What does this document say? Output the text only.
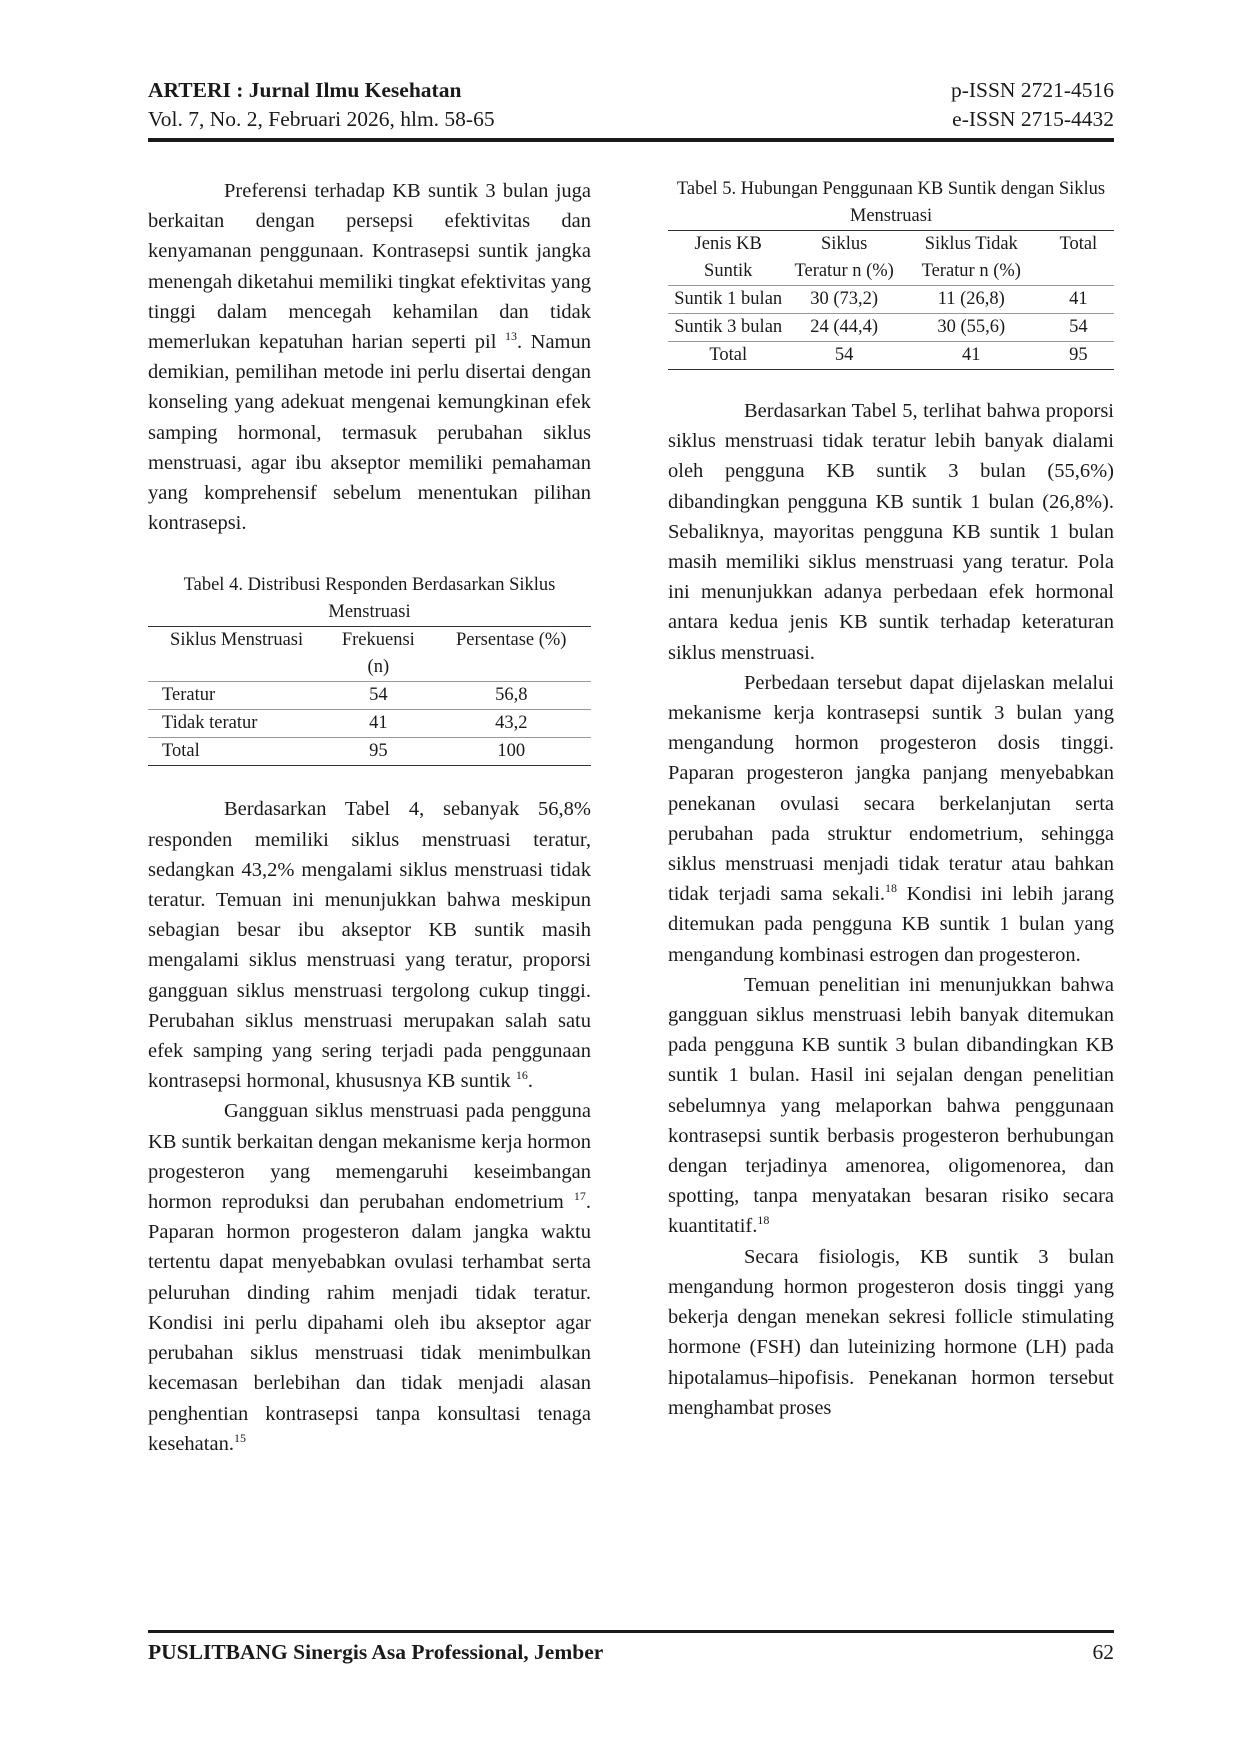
ARTERI : Jurnal Ilmu Kesehatan
Vol. 7, No. 2, Februari 2026, hlm. 58-65
p-ISSN 2721-4516
e-ISSN 2715-4432

Preferensi terhadap KB suntik 3 bulan juga berkaitan dengan persepsi efektivitas dan kenyamanan penggunaan. Kontrasepsi suntik jangka menengah diketahui memiliki tingkat efektivitas yang tinggi dalam mencegah kehamilan dan tidak memerlukan kepatuhan harian seperti pil $^{13}$. Namun demikian, pemilihan metode ini perlu disertai dengan konseling yang adekuat mengenai kemungkinan efek samping hormonal, termasuk perubahan siklus menstruasi, agar ibu akseptor memiliki pemahaman yang komprehensif sebelum menentukan pilihan kontrasepsi.

Tabel 4. Distribusi Responden Berdasarkan Siklus Menstruasi
Siklus Menstruasi	Frekuensi (n)	Persentase (%)
Teratur	54	56,8
Tidak teratur	41	43,2
Total	95	100

Berdasarkan Tabel 4, sebanyak 56,8% responden memiliki siklus menstruasi teratur, sedangkan 43,2% mengalami siklus menstruasi tidak teratur. Temuan ini menunjukkan bahwa meskipun sebagian besar ibu akseptor KB suntik masih mengalami siklus menstruasi yang teratur, proporsi gangguan siklus menstruasi tergolong cukup tinggi. Perubahan siklus menstruasi merupakan salah satu efek samping yang sering terjadi pada penggunaan kontrasepsi hormonal, khususnya KB suntik $^{16}$.

Gangguan siklus menstruasi pada pengguna KB suntik berkaitan dengan mekanisme kerja hormon progesteron yang memengaruhi keseimbangan hormon reproduksi dan perubahan endometrium $^{17}$. Paparan hormon progesteron dalam jangka waktu tertentu dapat menyebabkan ovulasi terhambat serta peluruhan dinding rahim menjadi tidak teratur. Kondisi ini perlu dipahami oleh ibu akseptor agar perubahan siklus menstruasi tidak menimbulkan kecemasan berlebihan dan tidak menjadi alasan penghentian kontrasepsi tanpa konsultasi tenaga kesehatan.$^{15}$

Tabel 5. Hubungan Penggunaan KB Suntik dengan Siklus Menstruasi
Jenis KB Suntik	Siklus Teratur n (%)	Siklus Tidak Teratur n (%)	Total
Suntik 1 bulan	30 (73,2)	11 (26,8)	41
Suntik 3 bulan	24 (44,4)	30 (55,6)	54
Total	54	41	95

Berdasarkan Tabel 5, terlihat bahwa proporsi siklus menstruasi tidak teratur lebih banyak dialami oleh pengguna KB suntik 3 bulan (55,6%) dibandingkan pengguna KB suntik 1 bulan (26,8%). Sebaliknya, mayoritas pengguna KB suntik 1 bulan masih memiliki siklus menstruasi yang teratur. Pola ini menunjukkan adanya perbedaan efek hormonal antara kedua jenis KB suntik terhadap keteraturan siklus menstruasi.

Perbedaan tersebut dapat dijelaskan melalui mekanisme kerja kontrasepsi suntik 3 bulan yang mengandung hormon progesteron dosis tinggi. Paparan progesteron jangka panjang menyebabkan penekanan ovulasi secara berkelanjutan serta perubahan pada struktur endometrium, sehingga siklus menstruasi menjadi tidak teratur atau bahkan tidak terjadi sama sekali.$^{18}$ Kondisi ini lebih jarang ditemukan pada pengguna KB suntik 1 bulan yang mengandung kombinasi estrogen dan progesteron.

Temuan penelitian ini menunjukkan bahwa gangguan siklus menstruasi lebih banyak ditemukan pada pengguna KB suntik 3 bulan dibandingkan KB suntik 1 bulan. Hasil ini sejalan dengan penelitian sebelumnya yang melaporkan bahwa penggunaan kontrasepsi suntik berbasis progesteron berhubungan dengan terjadinya amenorea, oligomenorea, dan spotting, tanpa menyatakan besaran risiko secara kuantitatif.$^{18}$

Secara fisiologis, KB suntik 3 bulan mengandung hormon progesteron dosis tinggi yang bekerja dengan menekan sekresi follicle stimulating hormone (FSH) dan luteinizing hormone (LH) pada hipotalamus–hipofisis. Penekanan hormon tersebut menghambat proses

PUSLITBANG Sinergis Asa Professional, Jember	62
